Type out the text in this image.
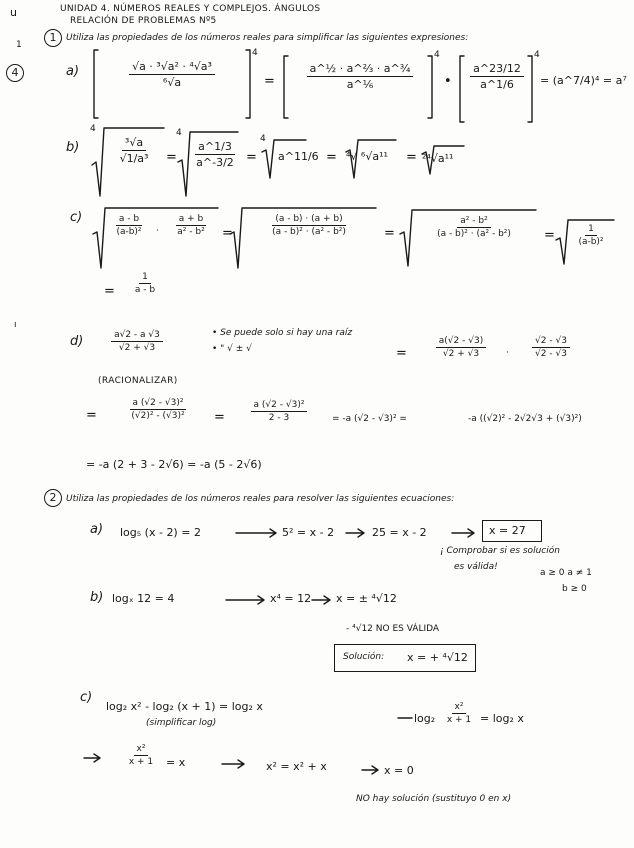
u
1
4
UNIDAD 4. NÚMEROS REALES Y COMPLEJOS. ÁNGULOS
RELACIÓN DE PROBLEMAS Nº5
1	Utiliza las propiedades de los números reales para simplificar las siguientes expresiones:
$a) \frac{\text{√a · ³√a² · ⁴√a³}}{\text{⁶√a}}$
4
= $\frac{\text{a\textasciicircum{}½ · a\textasciicircum{}⅔ · a\textasciicircum{}¾}}{\text{a\textasciicircum{}⅙}}$
4
• $\frac{a\^{}23/12}{a\^{}1/6}$
4
= (a^7/4)⁴ = a⁷
b)
4
$\frac{\text{³√a}}{\text{√1/a³}}$ =
4
$\frac{a\^{}1/3}{a\^{}-3/2}$ =
4
a^11/6 = ⁴√ ⁶√a¹¹ = ²⁴√a¹¹
c)	$\frac{a - b}{\text{(a-b)²}} \cdot \frac{a + b}{\text{a² - b²}} = \frac{(a - b) \cdot (a + b)}{\text{(a - b)² · (a² - b²)}} = \frac{\text{a² - b²}}{\text{(a - b)² · (a² - b²)}} = \frac{1}{\text{(a-b)²}}$
= $\frac{1}{a - b}$
ı
$d) \frac{a√2 - a √3}{√2 + √3}$	• Se puede solo si hay una raíz
• " √ ± √
(RACIONALIZAR)
= $\frac{a(√2 - √3)}{√2 + √3} \cdot \frac{√2 - √3}{√2 - √3}$
= $\frac{\text{a (√2 - √3)²}}{\text{(√2)² - (√3)²}} = \frac{\text{a (√2 - √3)²}}{2 - 3} = -a$ (√2 - √3)² =	-a ((√2)² - 2√2√3 + (√3)²)
= -a (2 + 3 - 2√6) = -a (5 - 2√6)
2	Utiliza las propiedades de los números reales para resolver las siguientes ecuaciones:
a) log₅ (x - 2) = 2	5² = x - 2	25 = x - 2	x = 27
¡ Comprobar si es solución
es válida!
a ≥ 0 a ≠ 1
b ≥ 0
b) logₓ 12 = 4	x⁴ = 12 x = ± ⁴√12
- ⁴√12 NO ES VÁLIDA
Solución: x = + ⁴√12
c)
log₂ x² - log₂ (x + 1) = log₂ x
(simplificar log)	$\log_2 \frac{\text{x²}}{x + 1} = \log_2$ x
$\frac{\text{x²}}{x + 1} = x$	x² = x² + x	x = 0
NO hay solución (sustituyo 0 en x)
